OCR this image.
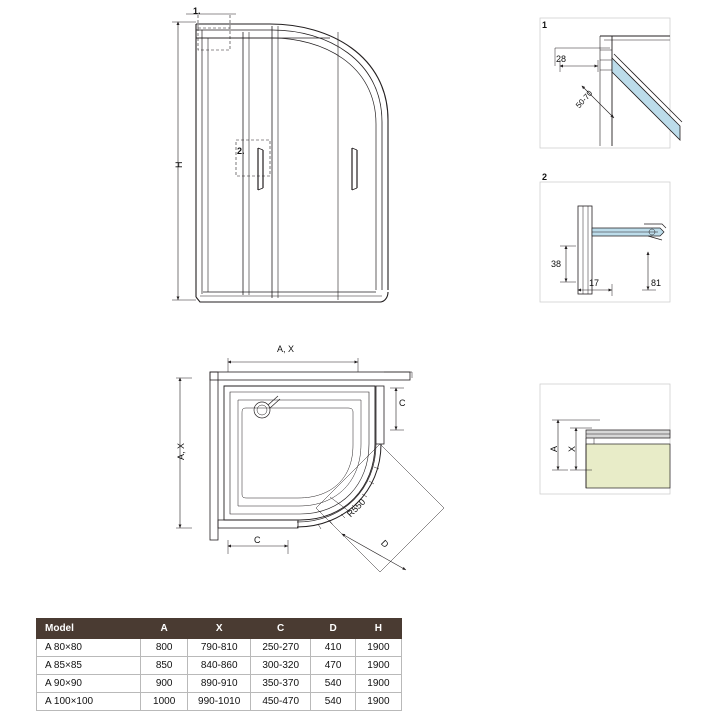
1.
2.
H
A, X
A, X
C
C
R550
D
1
28
50-70
2
38
17	81
A X
Model	A	X	C	D	H
A 80×80	800	790-810	250-270	410	1900
A 85×85	850	840-860	300-320	470	1900
A 90×90	900	890-910	350-370	540	1900
A 100×100	1000	990-1010	450-470	540	1900
